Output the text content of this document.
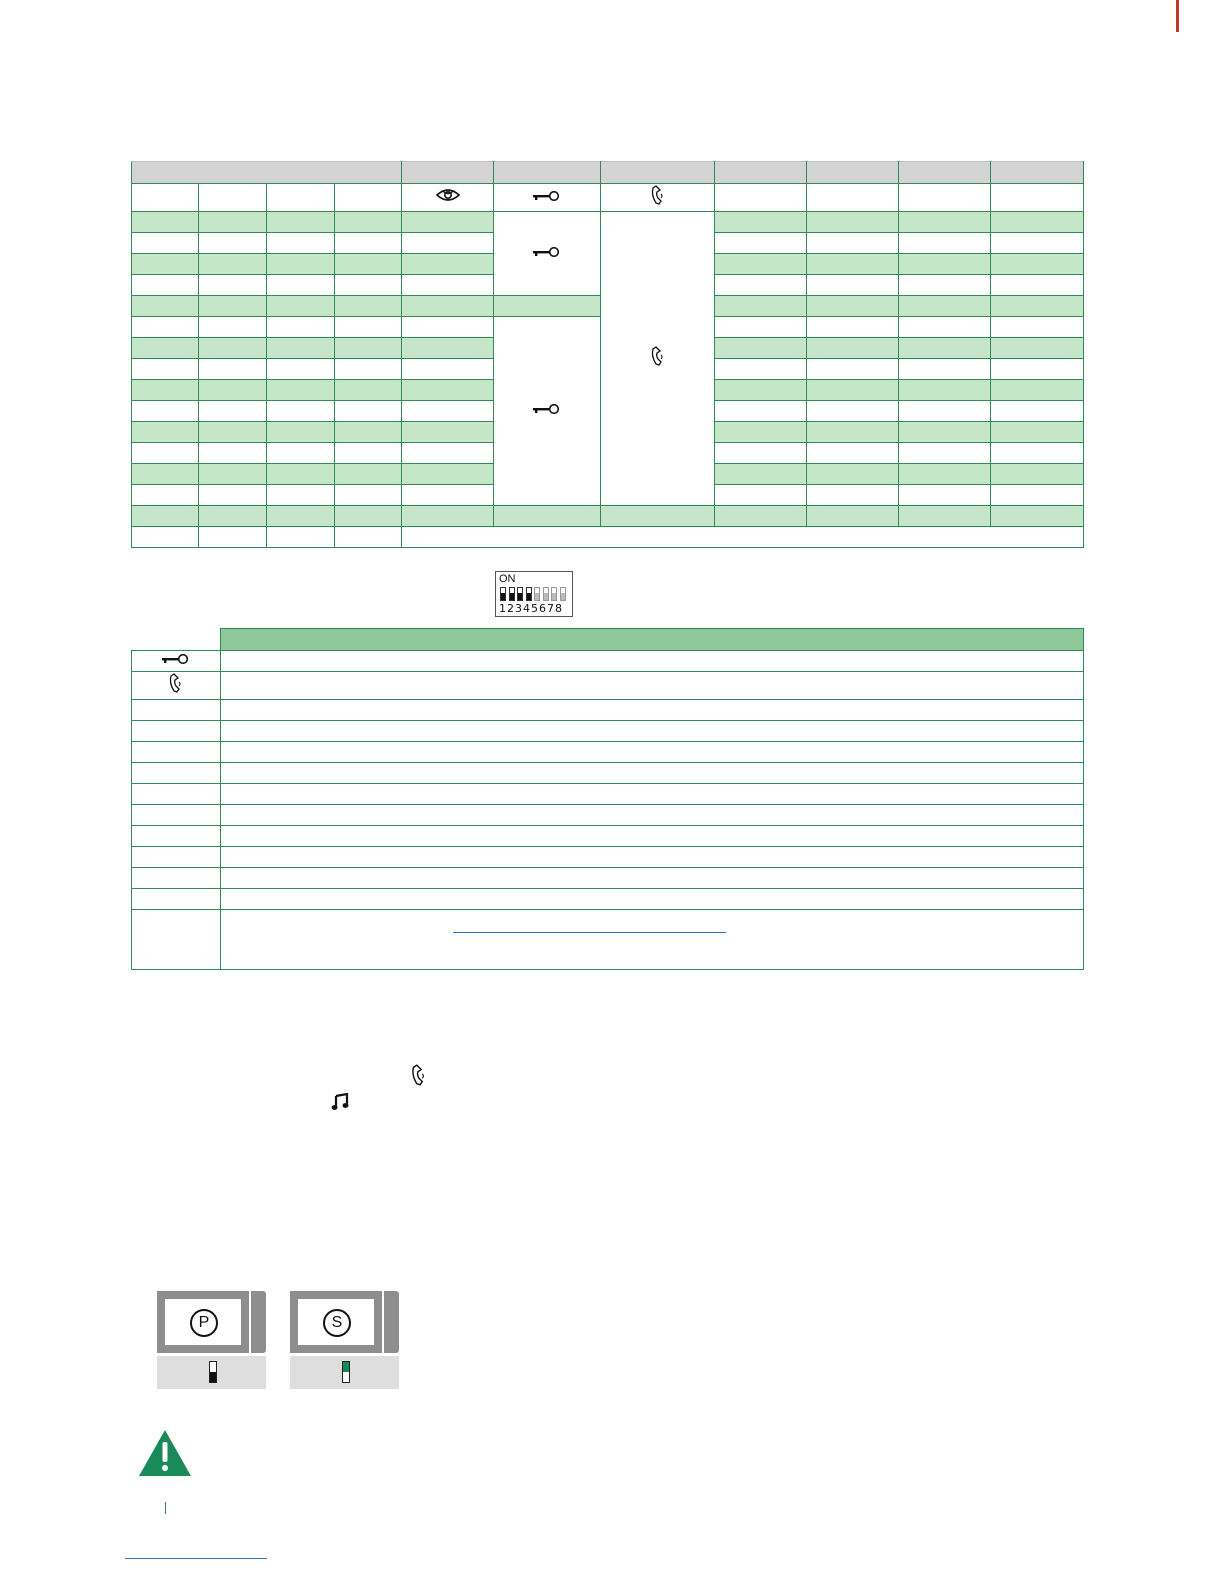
ON
12345678

P	S
